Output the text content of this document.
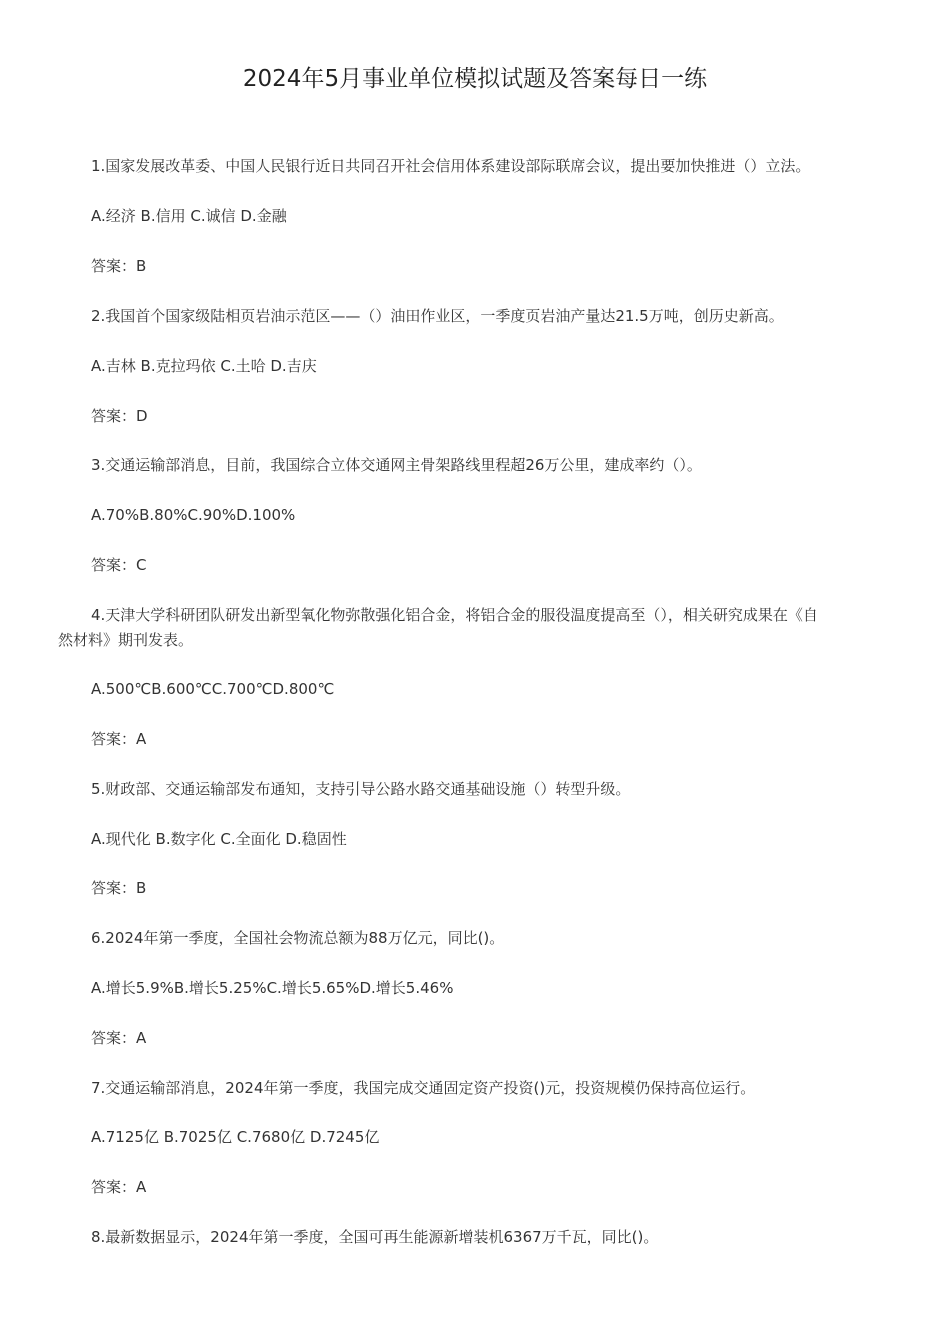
2024年5月事业单位模拟试题及答案每日一练
1.国家发展改革委、中国人民银行近日共同召开社会信用体系建设部际联席会议，提出要加快推进（）立法。
A.经济 B.信用 C.诚信 D.金融
答案：B
2.我国首个国家级陆相页岩油示范区——（）油田作业区，一季度页岩油产量达21.5万吨，创历史新高。
A.吉林 B.克拉玛依 C.土哈 D.吉庆
答案：D
3.交通运输部消息，目前，我国综合立体交通网主骨架路线里程超26万公里，建成率约（）。
A.70%B.80%C.90%D.100%
答案：C
4.天津大学科研团队研发出新型氧化物弥散强化铝合金，将铝合金的服役温度提高至（），相关研究成果在《自
然材料》期刊发表。
A.500℃B.600℃C.700℃D.800℃
答案：A
5.财政部、交通运输部发布通知，支持引导公路水路交通基础设施（）转型升级。
A.现代化 B.数字化 C.全面化 D.稳固性
答案：B
6.2024年第一季度，全国社会物流总额为88万亿元，同比()。
A.增长5.9%B.增长5.25%C.增长5.65%D.增长5.46%
答案：A
7.交通运输部消息，2024年第一季度，我国完成交通固定资产投资()元，投资规模仍保持高位运行。
A.7125亿 B.7025亿 C.7680亿 D.7245亿
答案：A
8.最新数据显示，2024年第一季度，全国可再生能源新增装机6367万千瓦，同比()。
